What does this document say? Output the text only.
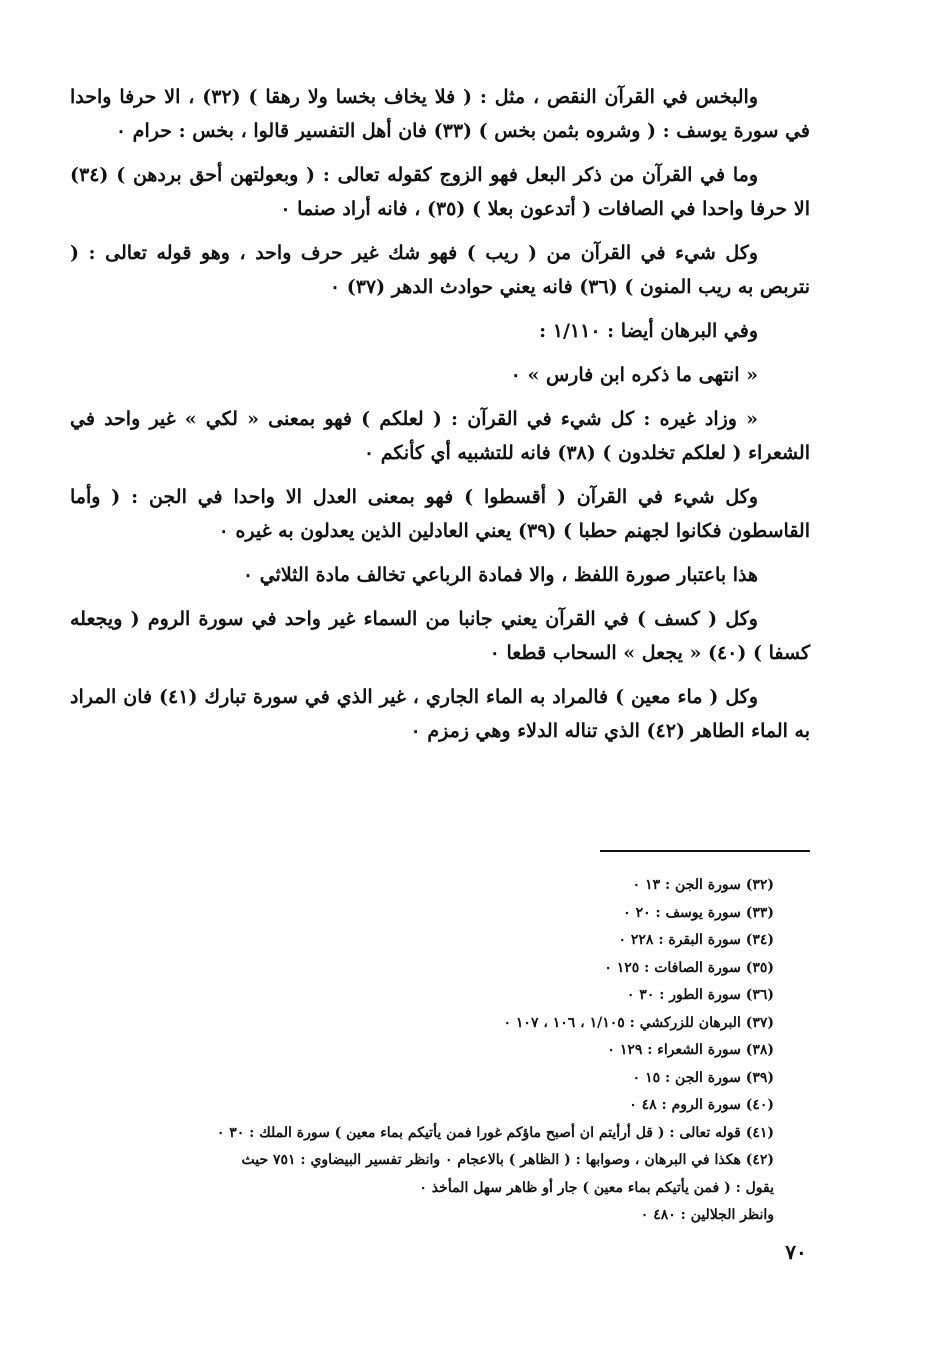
والبخس في القرآن النقص ، مثل : ( فلا يخاف بخسا ولا رهقا ) (٣٢) ، الا حرفا واحدا في سورة يوسف : ( وشروه بثمن بخس ) (٣٣) فان أهل التفسير قالوا ، بخس : حرام ٠

وما في القرآن من ذكر البعل فهو الزوج كقوله تعالى : ( وبعولتهن أحق بردهن ) (٣٤) الا حرفا واحدا في الصافات ( أتدعون بعلا ) (٣٥) ، فانه أراد صنما ٠

وكل شيء في القرآن من ( ريب ) فهو شك غير حرف واحد ، وهو قوله تعالى : ( نتربص به ريب المنون ) (٣٦) فانه يعني حوادث الدهر (٣٧) ٠

وفي البرهان أيضا : ١/١١٠ :

« انتهى ما ذكره ابن فارس » ٠

« وزاد غيره : كل شيء في القرآن : ( لعلكم ) فهو بمعنى « لكي » غير واحد في الشعراء ( لعلكم تخلدون ) (٣٨) فانه للتشبيه أي كأنكم ٠

وكل شيء في القرآن ( أقسطوا ) فهو بمعنى العدل الا واحدا في الجن : ( وأما القاسطون فكانوا لجهنم حطبا ) (٣٩) يعني العادلين الذين يعدلون به غيره ٠

هذا باعتبار صورة اللفظ ، والا فمادة الرباعي تخالف مادة الثلاثي ٠

وكل ( كسف ) في القرآن يعني جانبا من السماء غير واحد في سورة الروم ( ويجعله كسفا ) (٤٠) « يجعل » السحاب قطعا ٠

وكل ( ماء معين ) فالمراد به الماء الجاري ، غير الذي في سورة تبارك (٤١) فان المراد به الماء الطاهر (٤٢) الذي تناله الدلاء وهي زمزم ٠

(٣٢) سورة الجن : ١٣ ٠
(٣٣) سورة يوسف : ٢٠ ٠
(٣٤) سورة البقرة : ٢٢٨ ٠
(٣٥) سورة الصافات : ١٢٥ ٠
(٣٦) سورة الطور : ٣٠ ٠
(٣٧) البرهان للزركشي : ١/١٠٥ ، ١٠٦ ، ١٠٧ ٠
(٣٨) سورة الشعراء : ١٢٩ ٠
(٣٩) سورة الجن : ١٥ ٠
(٤٠) سورة الروم : ٤٨ ٠
(٤١) قوله تعالى : ( قل أرأيتم ان أصبح ماؤكم غورا فمن يأتيكم بماء معين ) سورة الملك : ٣٠ ٠
(٤٢) هكذا في البرهان ، وصوابها : ( الظاهر ) بالاعجام ٠ وانظر تفسير البيضاوي : ٧٥١ حيث
يقول : ( فمن يأتيكم بماء معين ) جار أو ظاهر سهل المأخذ ٠
وانظر الجلالين : ٤٨٠ ٠
٧٠
